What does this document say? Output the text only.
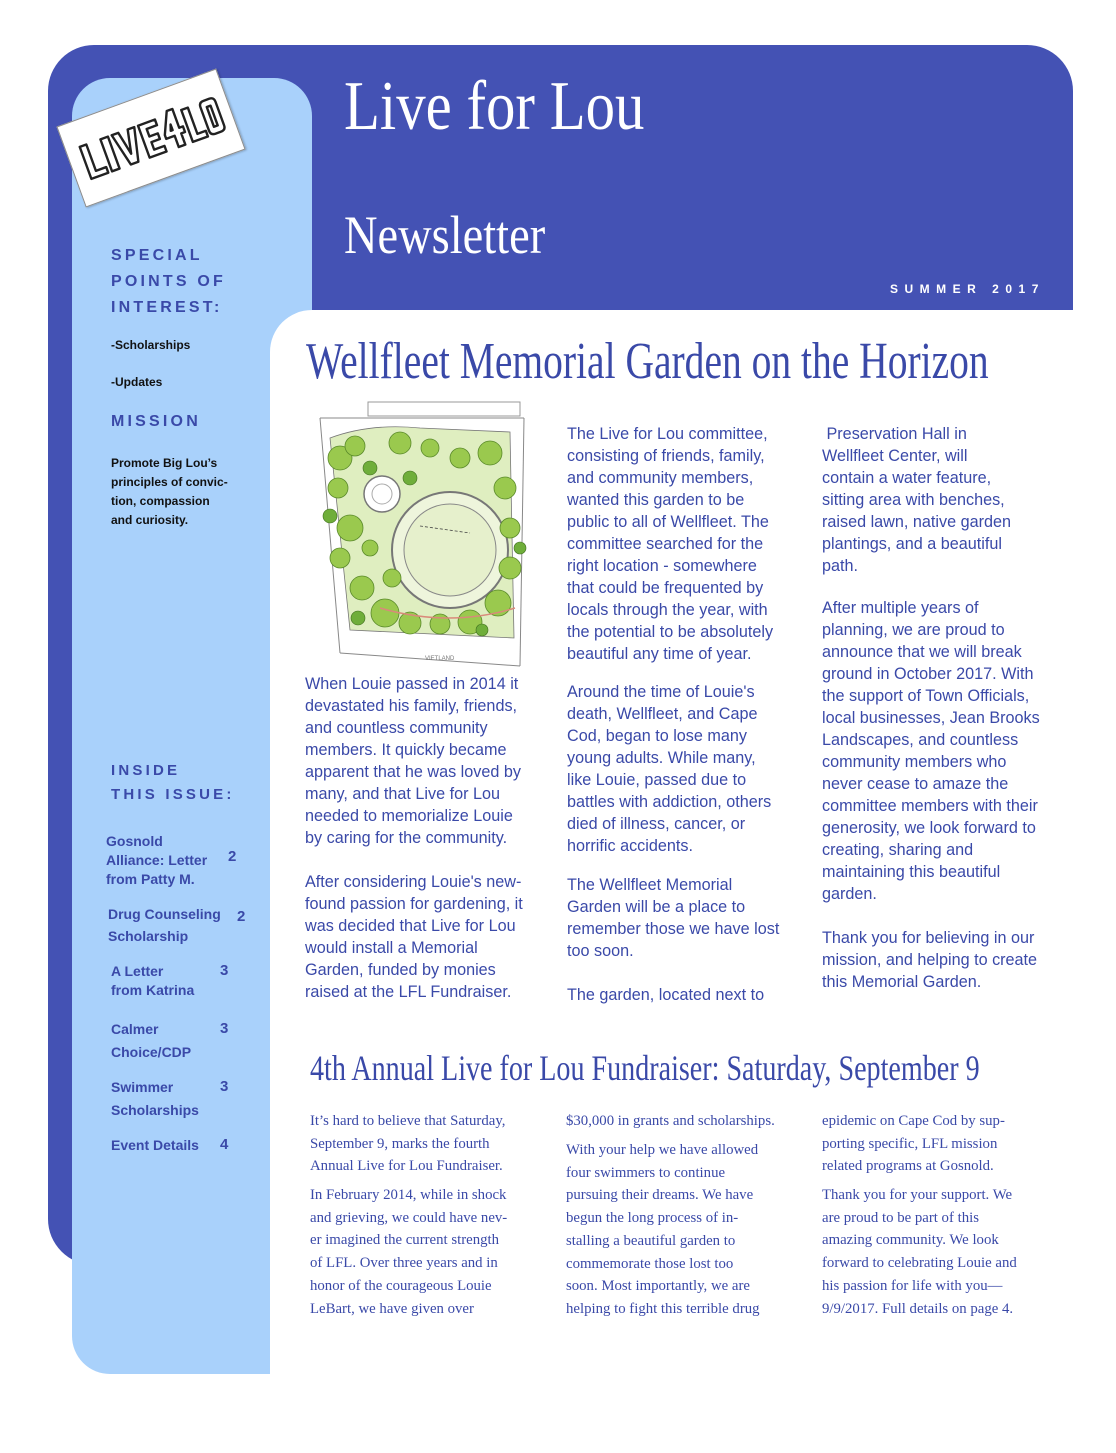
Live for Lou
Newsletter
SUMMER 2017

SPECIAL

POINTS OF

INTEREST:

-Scholarships
-Updates
MISSION
Promote Big Lou’s
principles of convic-
tion, compassion
and curiosity.
INSIDE
THIS ISSUE:
Gosnold
Alliance: Letter
from Patty M.
2
Drug Counseling
Scholarship
2
A Letter
from Katrina
3
Calmer
Choice/CDP
3
Swimmer
Scholarships
3
Event Details 4
Wellfleet Memorial Garden on the Horizon
VIETLAND
When Louie passed in 2014 it
devastated his family, friends,
and countless community
members. It quickly became
apparent that he was loved by
many, and that Live for Lou
needed to memorialize Louie
by caring for the community.
After considering Louie's new-
found passion for gardening, it
was decided that Live for Lou
would install a Memorial
Garden, funded by monies
raised at the LFL Fundraiser.
The Live for Lou committee,
consisting of friends, family,
and community members,
wanted this garden to be
public to all of Wellfleet. The
committee searched for the
right location - somewhere
that could be frequented by
locals through the year, with
the potential to be absolutely
beautiful any time of year.
Around the time of Louie's
death, Wellfleet, and Cape
Cod, began to lose many
young adults. While many,
like Louie, passed due to
battles with addiction, others
died of illness, cancer, or
horrific accidents.
The Wellfleet Memorial
Garden will be a place to
remember those we have lost
too soon.
The garden, located next to
Preservation Hall in
Wellfleet Center, will
contain a water feature,
sitting area with benches,
raised lawn, native garden
plantings, and a beautiful
path.
After multiple years of
planning, we are proud to
announce that we will break
ground in October 2017. With
the support of Town Officials,
local businesses, Jean Brooks
Landscapes, and countless
community members who
never cease to amaze the
committee members with their
generosity, we look forward to
creating, sharing and
maintaining this beautiful
garden.
Thank you for believing in our
mission, and helping to create
this Memorial Garden.
4th Annual Live for Lou Fundraiser: Saturday, September 9
It’s hard to believe that Saturday,
September 9, marks the fourth
Annual Live for Lou Fundraiser.
In February 2014, while in shock
and grieving, we could have nev-
er imagined the current strength
of LFL. Over three years and in
honor of the courageous Louie
LeBart, we have given over
$30,000 in grants and scholarships.
With your help we have allowed
four swimmers to continue
pursuing their dreams. We have
begun the long process of in-
stalling a beautiful garden to
commemorate those lost too
soon. Most importantly, we are
helping to fight this terrible drug
epidemic on Cape Cod by sup-
porting specific, LFL mission
related programs at Gosnold.
Thank you for your support. We
are proud to be part of this
amazing community. We look
forward to celebrating Louie and
his passion for life with you—
9/9/2017. Full details on page 4.
